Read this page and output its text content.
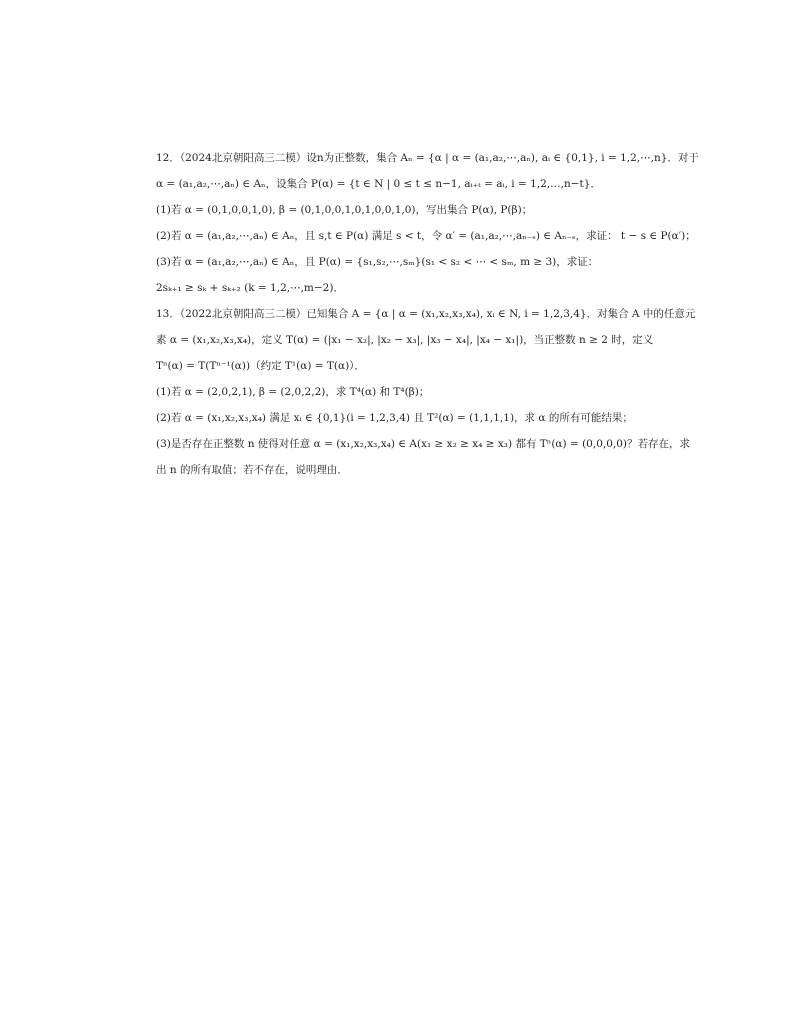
12．（2024北京朝阳高三二模）设n为正整数，集合 Aₙ = {α | α = (a₁,a₂,⋯,aₙ), aᵢ ∈ {0,1}, i = 1,2,⋯,n}．对于
α = (a₁,a₂,⋯,aₙ) ∈ Aₙ，设集合 P(α) = {t ∈ N | 0 ≤ t ≤ n−1, aᵢ₊ₜ = aᵢ, i = 1,2,…,n−t}．
(1)若 α = (0,1,0,0,1,0), β = (0,1,0,0,1,0,1,0,0,1,0)，写出集合 P(α), P(β)；
(2)若 α = (a₁,a₂,⋯,aₙ) ∈ Aₙ，且 s,t ∈ P(α) 满足 s < t，令 α′ = (a₁,a₂,⋯,aₙ₋ₛ) ∈ Aₙ₋ₛ，求证： t − s ∈ P(α′)；
(3)若 α = (a₁,a₂,⋯,aₙ) ∈ Aₙ，且 P(α) = {s₁,s₂,⋯,sₘ}(s₁ < s₂ < ⋯ < sₘ, m ≥ 3)，求证：
2sₖ₊₁ ≥ sₖ + sₖ₊₂ (k = 1,2,⋯,m−2)．
13．（2022北京朝阳高三二模）已知集合 A = {α | α = (x₁,x₂,x₃,x₄), xᵢ ∈ N, i = 1,2,3,4}．对集合 A 中的任意元
素 α = (x₁,x₂,x₃,x₄)，定义 T(α) = (|x₁ − x₂|, |x₂ − x₃|, |x₃ − x₄|, |x₄ − x₁|)，当正整数 n ≥ 2 时，定义
Tⁿ(α) = T(Tⁿ⁻¹(α))（约定 T¹(α) = T(α)）．
(1)若 α = (2,0,2,1), β = (2,0,2,2)，求 T⁴(α) 和 T⁴(β)；
(2)若 α = (x₁,x₂,x₃,x₄) 满足 xᵢ ∈ {0,1}(i = 1,2,3,4) 且 T²(α) = (1,1,1,1)，求 α 的所有可能结果；
(3)是否存在正整数 n 使得对任意 α = (x₁,x₂,x₃,x₄) ∈ A(x₁ ≥ x₂ ≥ x₄ ≥ x₃) 都有 Tⁿ(α) = (0,0,0,0)？若存在，求
出 n 的所有取值；若不存在，说明理由．
